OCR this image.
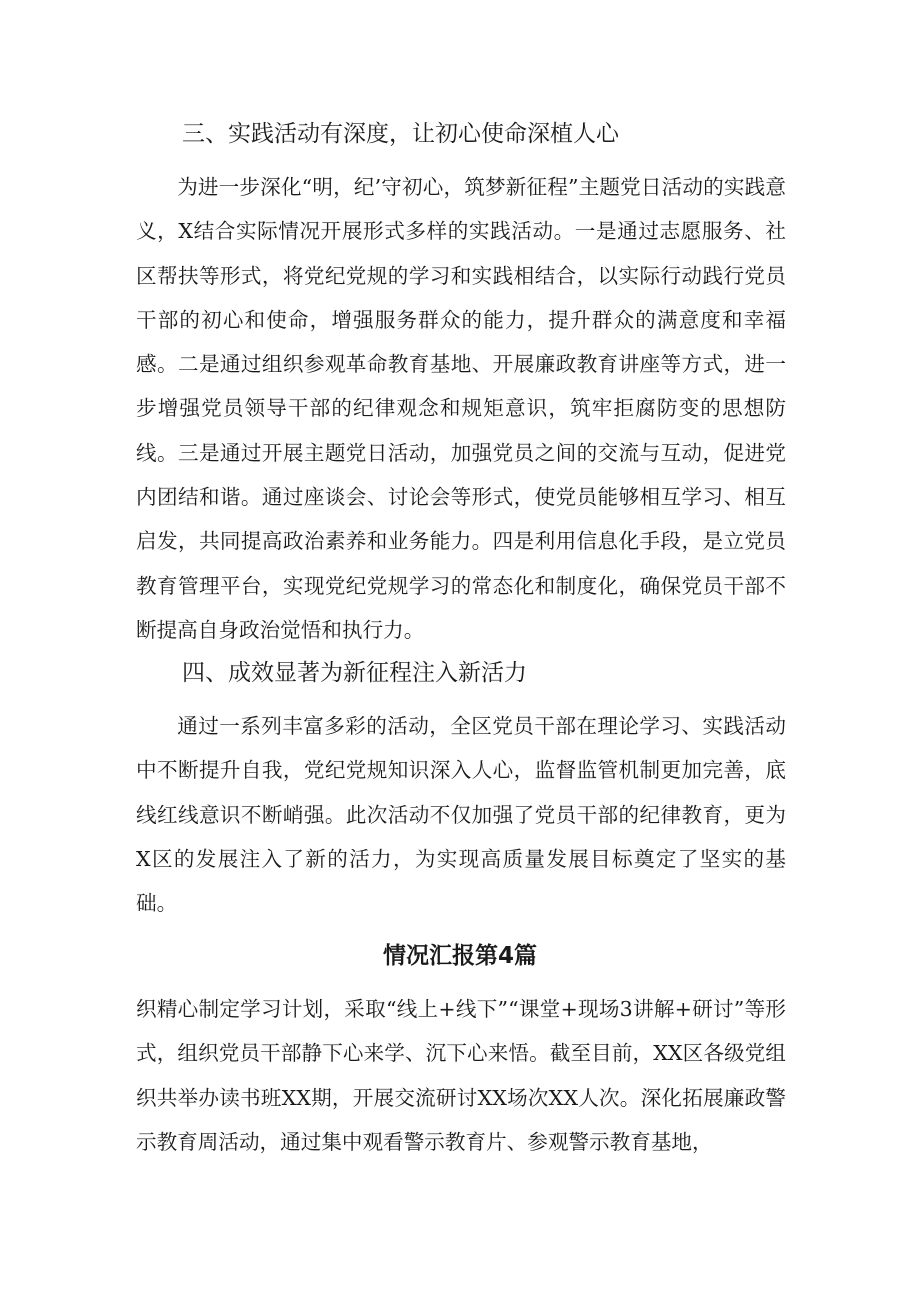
三、实践活动有深度，让初心使命深植人心

为进一步深化“明，纪’守初心，筑梦新征程”主题党日活动的实践意义，X结合实际情况开展形式多样的实践活动。一是通过志愿服务、社区帮扶等形式，将党纪党规的学习和实践相结合，以实际行动践行党员干部的初心和使命，增强服务群众的能力，提升群众的满意度和幸福感。二是通过组织参观革命教育基地、开展廉政教育讲座等方式，进一步增强党员领导干部的纪律观念和规矩意识，筑牢拒腐防变的思想防线。三是通过开展主题党日活动，加强党员之间的交流与互动，促进党内团结和谐。通过座谈会、讨论会等形式，使党员能够相互学习、相互启发，共同提高政治素养和业务能力。四是利用信息化手段，是立党员教育管理平台，实现党纪党规学习的常态化和制度化，确保党员干部不断提高自身政治觉悟和执行力。

四、成效显著为新征程注入新活力

通过一系列丰富多彩的活动，全区党员干部在理论学习、实践活动中不断提升自我，党纪党规知识深入人心，监督监管机制更加完善，底线红线意识不断峭强。此次活动不仅加强了党员干部的纪律教育，更为X区的发展注入了新的活力，为实现高质量发展目标奠定了坚实的基础。

情况汇报第4篇

织精心制定学习计划，采取“线上+线下”“课堂+现场3讲解+研讨”等形式，组织党员干部静下心来学、沉下心来悟。截至目前，XX区各级党组织共举办读书班XX期，开展交流研讨XX场次XX人次。深化拓展廉政警示教育周活动，通过集中观看警示教育片、参观警示教育基地，
